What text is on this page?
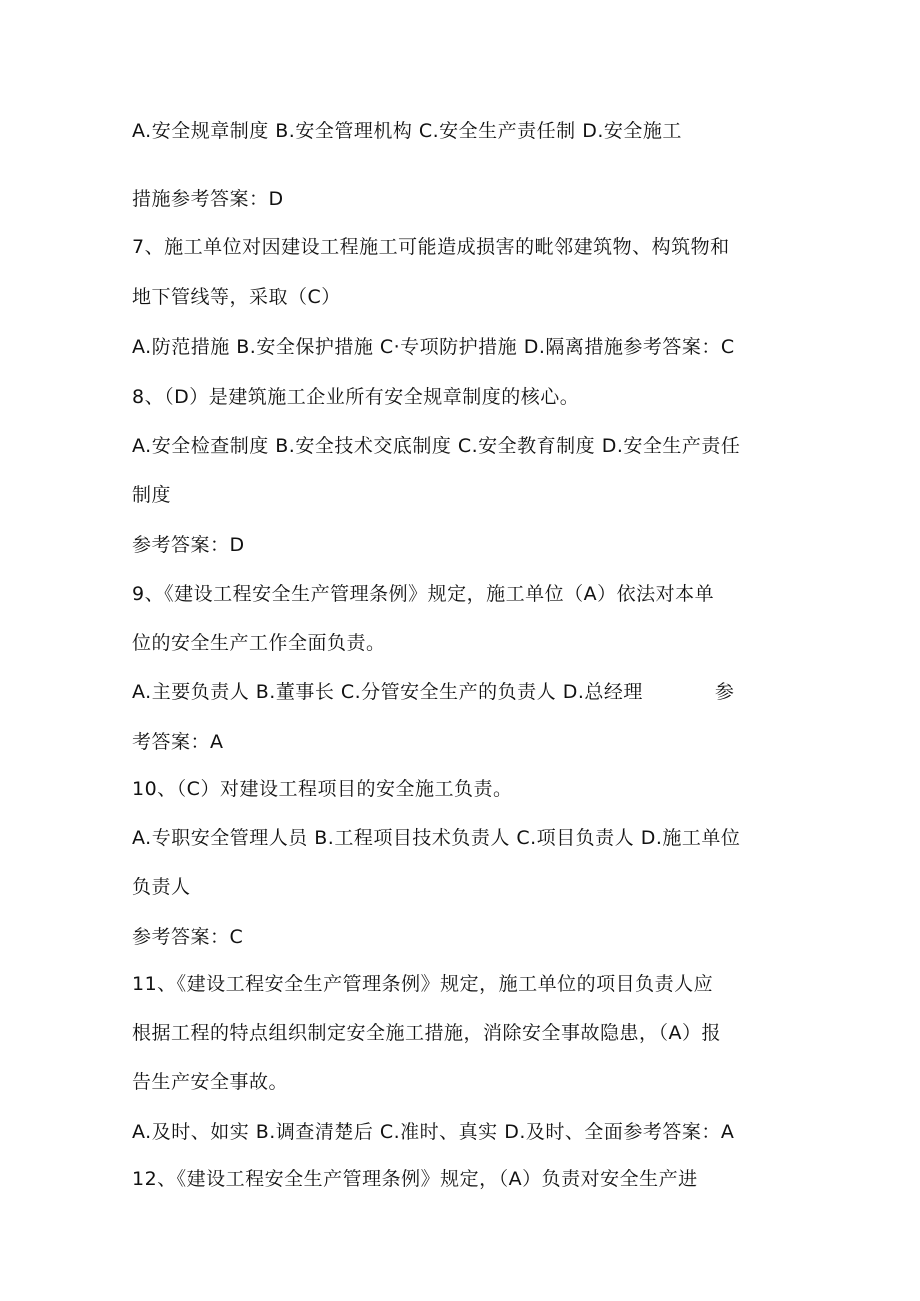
A.安全规章制度 B.安全管理机构 C.安全生产责任制 D.安全施工
措施参考答案：D
7、施工单位对因建设工程施工可能造成损害的毗邻建筑物、构筑物和
地下管线等，采取（C）
A.防范措施 B.安全保护措施 C·专项防护措施 D.隔离措施参考答案：C
8、（D）是建筑施工企业所有安全规章制度的核心。
A.安全检查制度 B.安全技术交底制度 C.安全教育制度 D.安全生产责任
制度
参考答案：D
9、《建设工程安全生产管理条例》规定，施工单位（A）依法对本单
位的安全生产工作全面负责。
A.主要负责人 B.董事长 C.分管安全生产的负责人 D.总经理	参
考答案：A
10、（C）对建设工程项目的安全施工负责。
A.专职安全管理人员 B.工程项目技术负责人 C.项目负责人 D.施工单位
负责人
参考答案：C
11、《建设工程安全生产管理条例》规定，施工单位的项目负责人应
根据工程的特点组织制定安全施工措施，消除安全事故隐患，（A）报
告生产安全事故。
A.及时、如实 B.调查清楚后 C.准时、真实 D.及时、全面参考答案：A
12、《建设工程安全生产管理条例》规定，（A）负责对安全生产进
